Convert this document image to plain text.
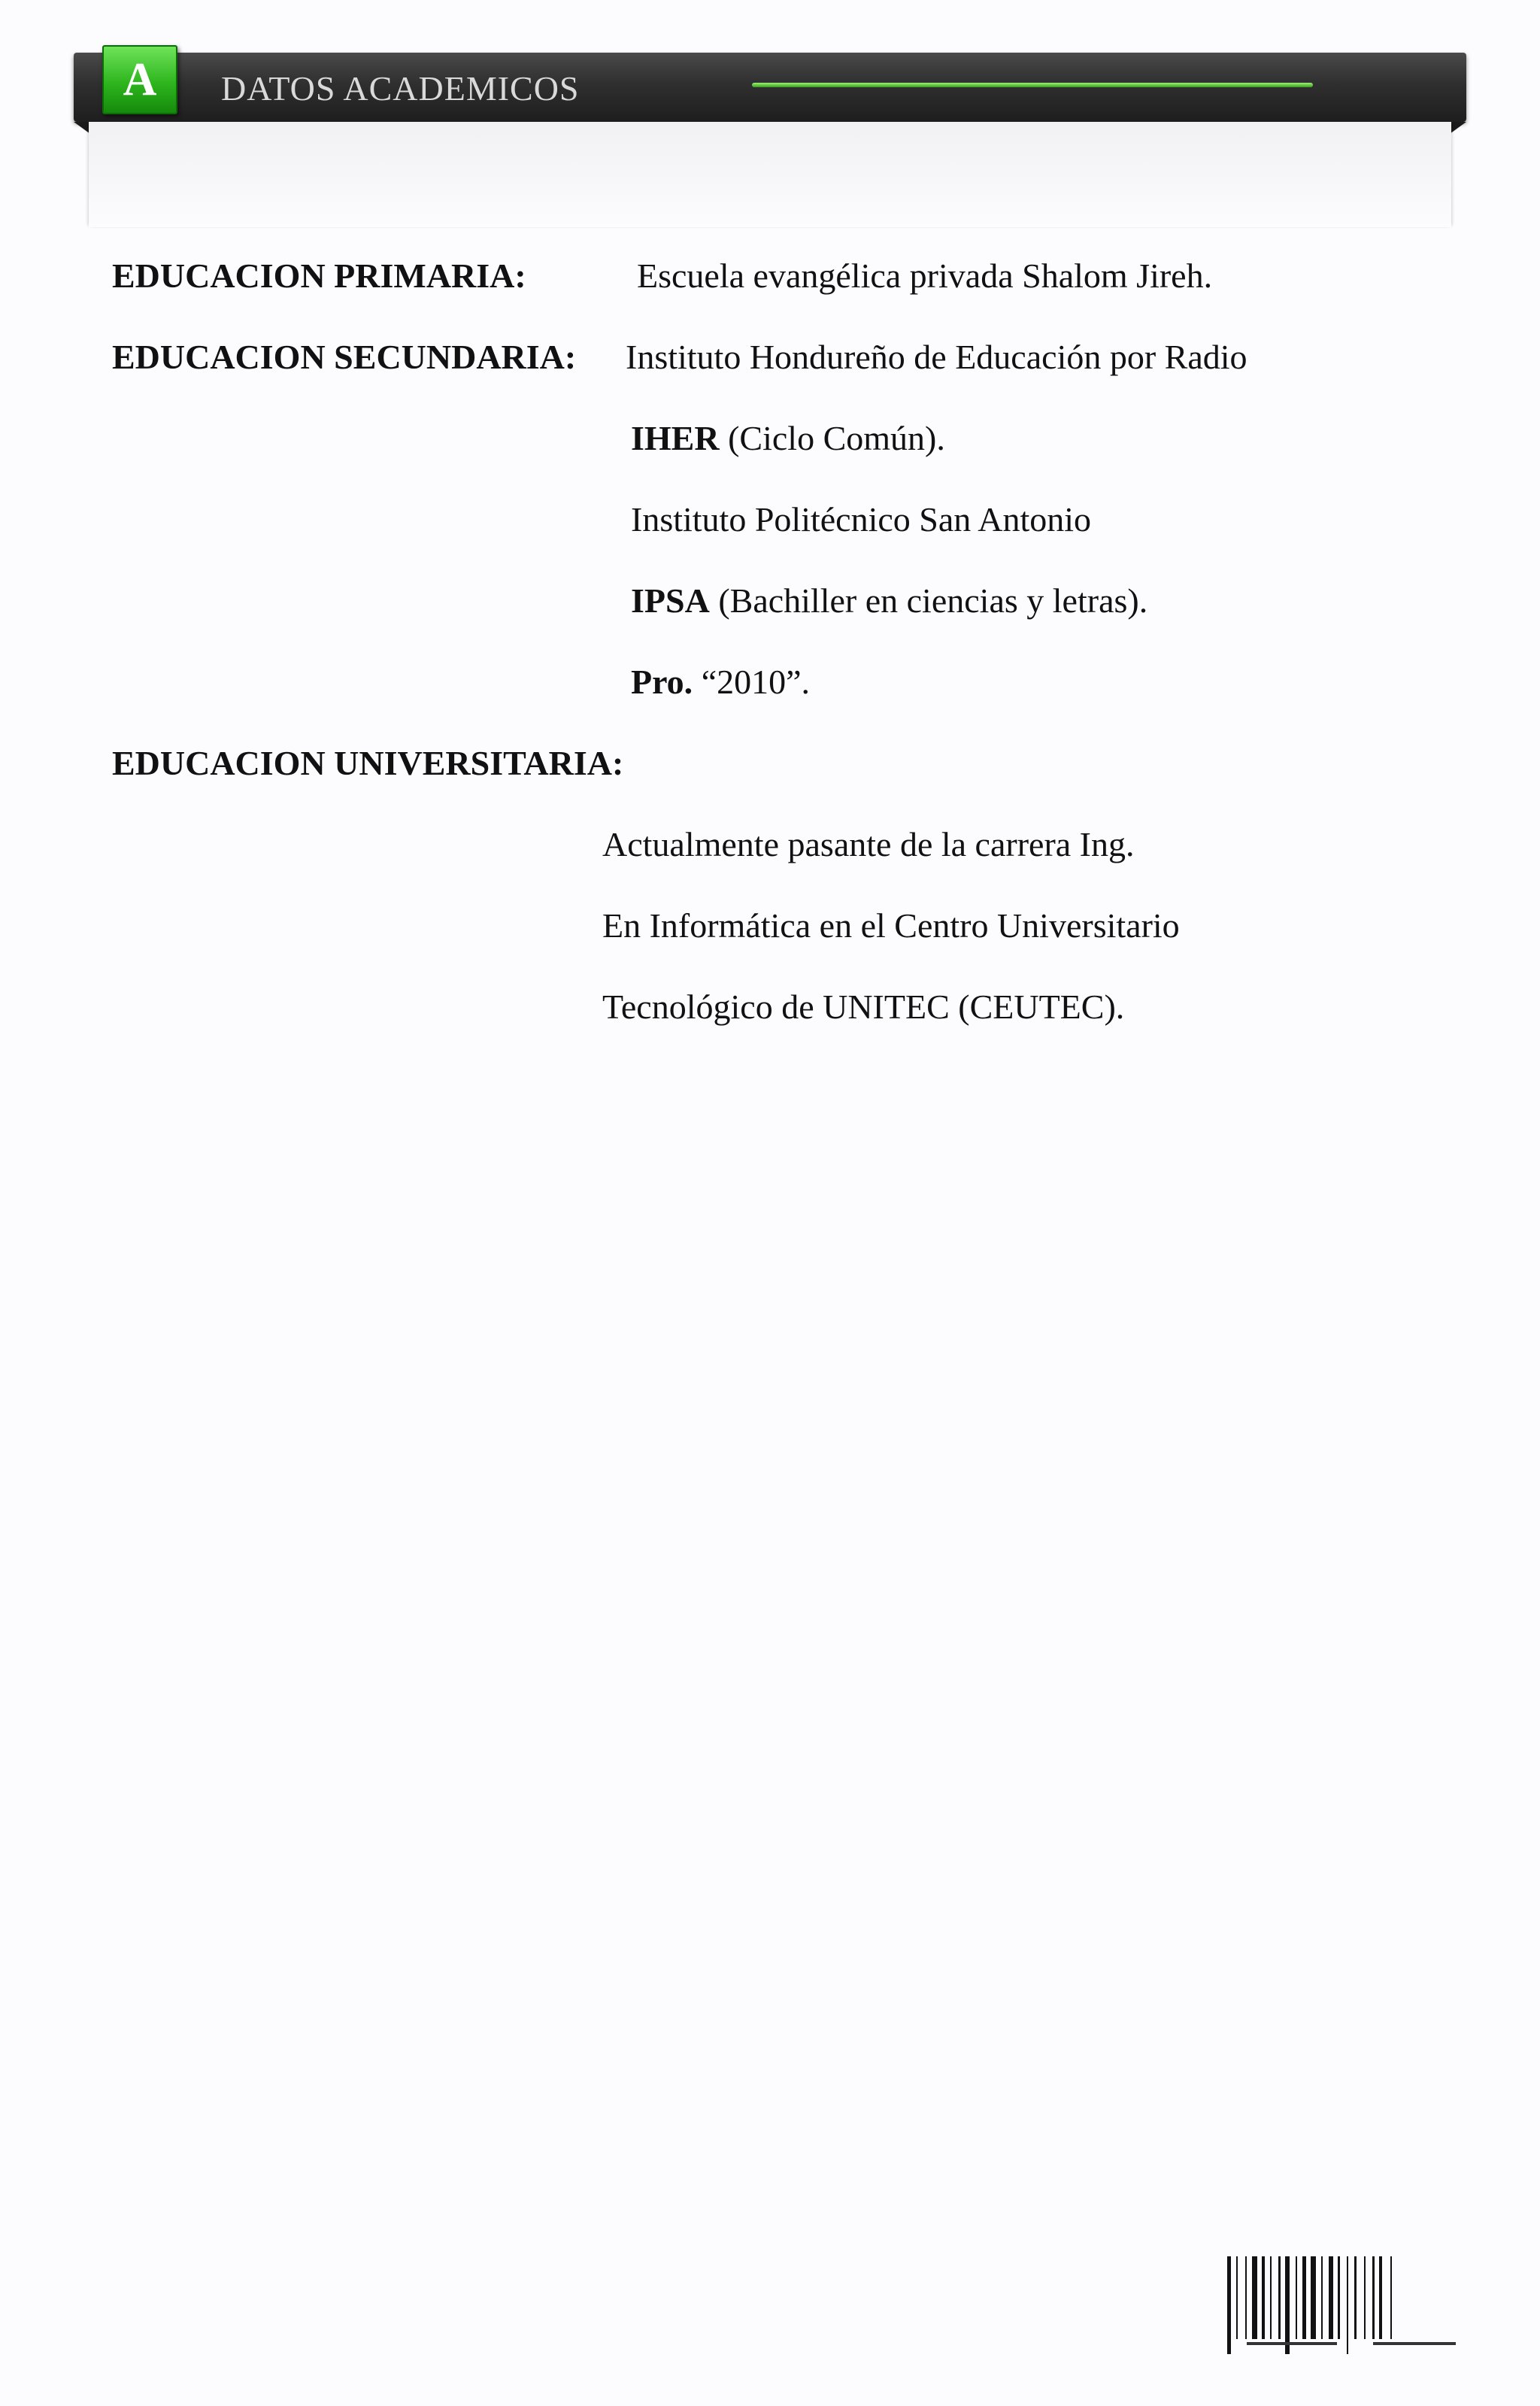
A DATOS ACADEMICOS
EDUCACION PRIMARIA:	Escuela evangélica privada Shalom Jireh.
EDUCACION SECUNDARIA: Instituto Hondureño de Educación por Radio
IHER (Ciclo Común).
Instituto Politécnico San Antonio
IPSA (Bachiller en ciencias y letras).
Pro. “2010”.
EDUCACION UNIVERSITARIA:
Actualmente pasante de la carrera Ing.
En Informática en el Centro Universitario
Tecnológico de UNITEC (CEUTEC).
